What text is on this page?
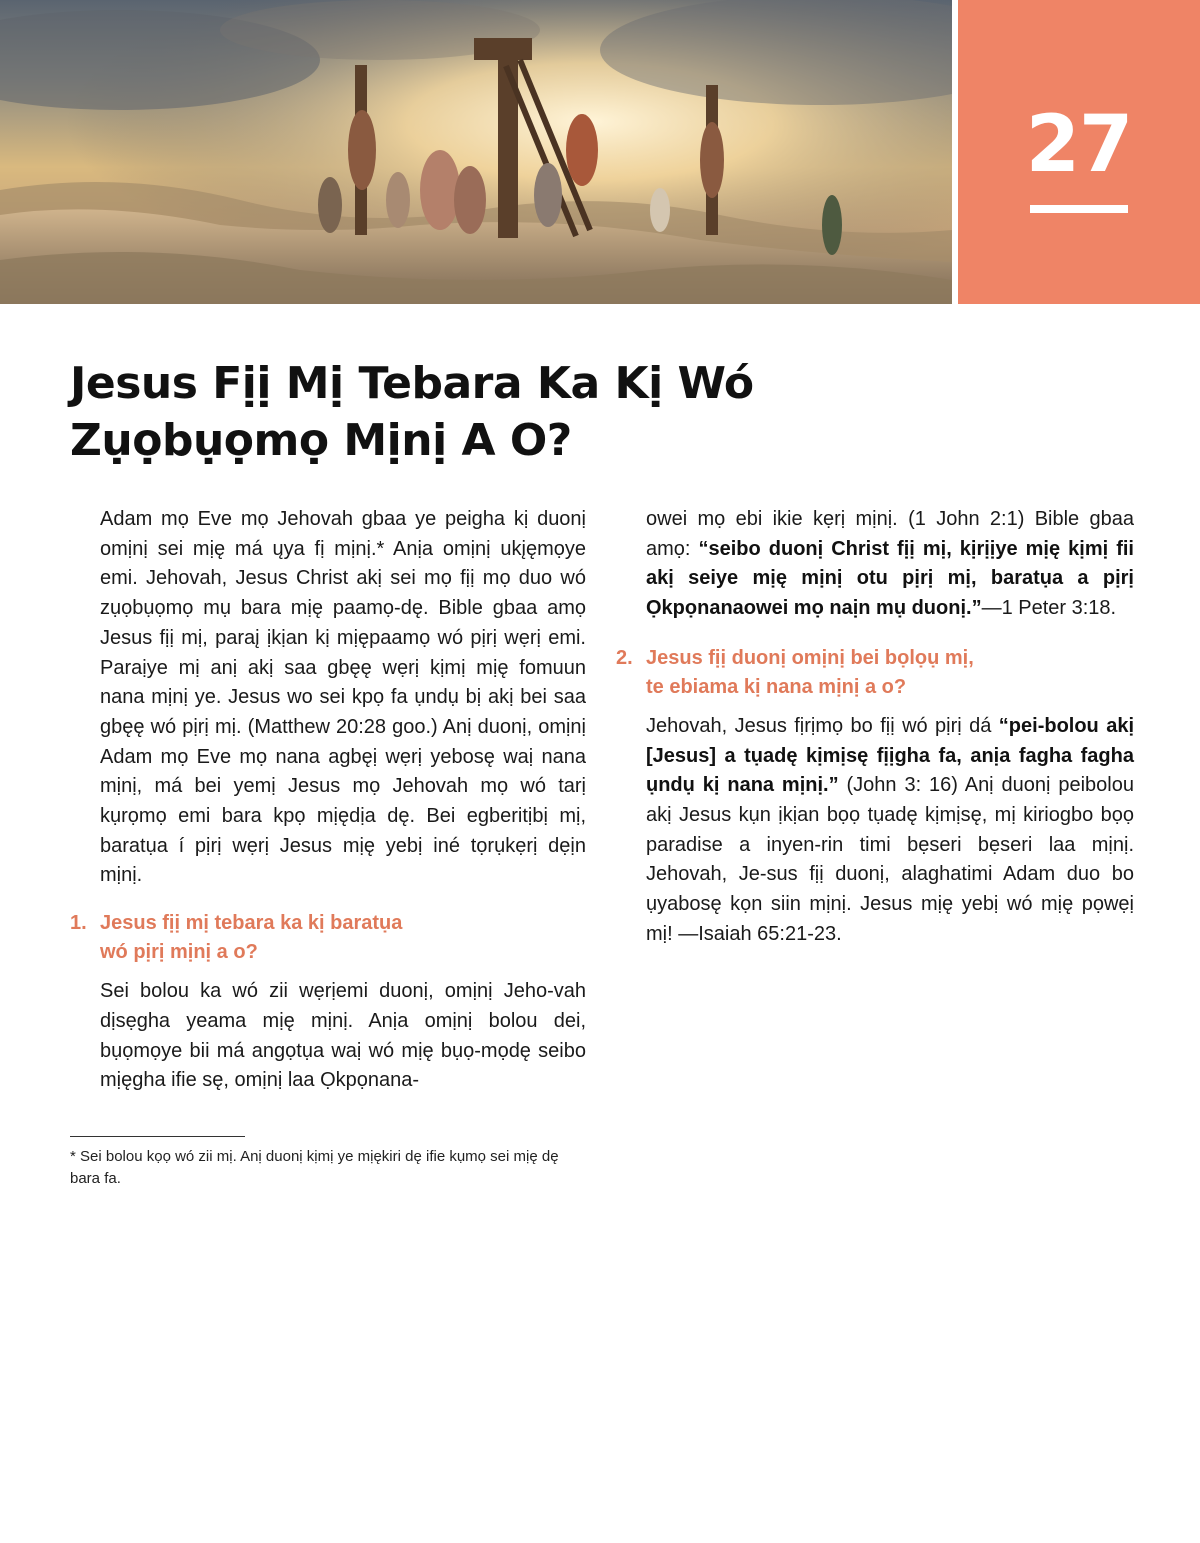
27
Jesus Fịị Mị Tebara Ka Kị Wó
Zụọbụọmọ Mịnị A O?

Adam mọ Eve mọ Jehovah gbaa ye peigha kị duonị omịnị sei mịę má ųya fị mịnị.* Anịa omịnị ukįęmọye emi. Jehovah, Jesus Christ akị sei mọ fịị mọ duo wó zụọbụọmọ mụ bara mịę paamọ-dę. Bible gbaa amọ Jesus fịị mị, paraį ịkịan kị mịępaamọ wó pịrị wẹrị emi. Paraịye mị anị akị saa gbęę wẹrị kịmị mịę fomuun nana mịnị ye. Jesus wo sei kpọ fa ụndụ bị akị bei saa gbęę wó pịrị mị. (Matthew 20:28 goo.) Anị duonị, omịnị Adam mọ Eve mọ nana agbęị wẹrị yebosę waị nana mịnị, má bei yemị Jesus mọ Jehovah mọ wó tarị kụrọmọ emi bara kpọ mịędịa dę. Bei egberitịbị mị, baratụa í pịrị wẹrị Jesus mịę yebị iné tọrụkẹrị dẹịn mịnị.

1. Jesus fịị mị tebara ka kị baratụa
wó pịrị mịnị a o?

Sei bolou ka wó zii wẹrịemi duonị, omịnị Jeho-vah dịsẹgha yeama mịę mịnị. Anịa omịnị bolou dei, bụọmọye bii má angọtụa waị wó mịę bụọ-mọdę seibo mịęgha ifie sę, omịnị laa Ọkpọnana-

owei mọ ebi ikie kẹrị mịnị. (1 John 2:1) Bible gbaa amọ: “seibo duonị Christ fịị mị, kịrịịye mịę kịmị fii akị seiye mịę mịnị otu pịrị mị, baratụa a pịrị Ọkpọnanaowei mọ naịn mụ duonị.”—1 Peter 3:18.

2. Jesus fịị duonị omịnị bei bọlọụ mị,
te ebiama kị nana mịnị a o?

Jehovah, Jesus fịrịmọ bo fịị wó pịrị dá “pei-bolou akị [Jesus] a tụadę kịmịsę fịịgha fa, anịa fagha fagha ụndụ kị nana mịnị.” (John 3: 16) Anị duonị peibolou akị Jesus kụn ịkịan bọọ tụadę kịmịsę, mị kiriogbo bọọ paradise a inyen-rin timi bẹseri bẹseri laa mịnị. Jehovah, Je-sus fịị duonị, alaghatimi Adam duo bo ụyabosę kọn siin mịnị. Jesus mịę yebị wó mịę pọwẹị mị! —Isaiah 65:21-23.

* Sei bolou kọọ wó zii mị. Anị duonị kịmị ye mịękiri dę ifie kụmọ sei mịę dę bara fa.
